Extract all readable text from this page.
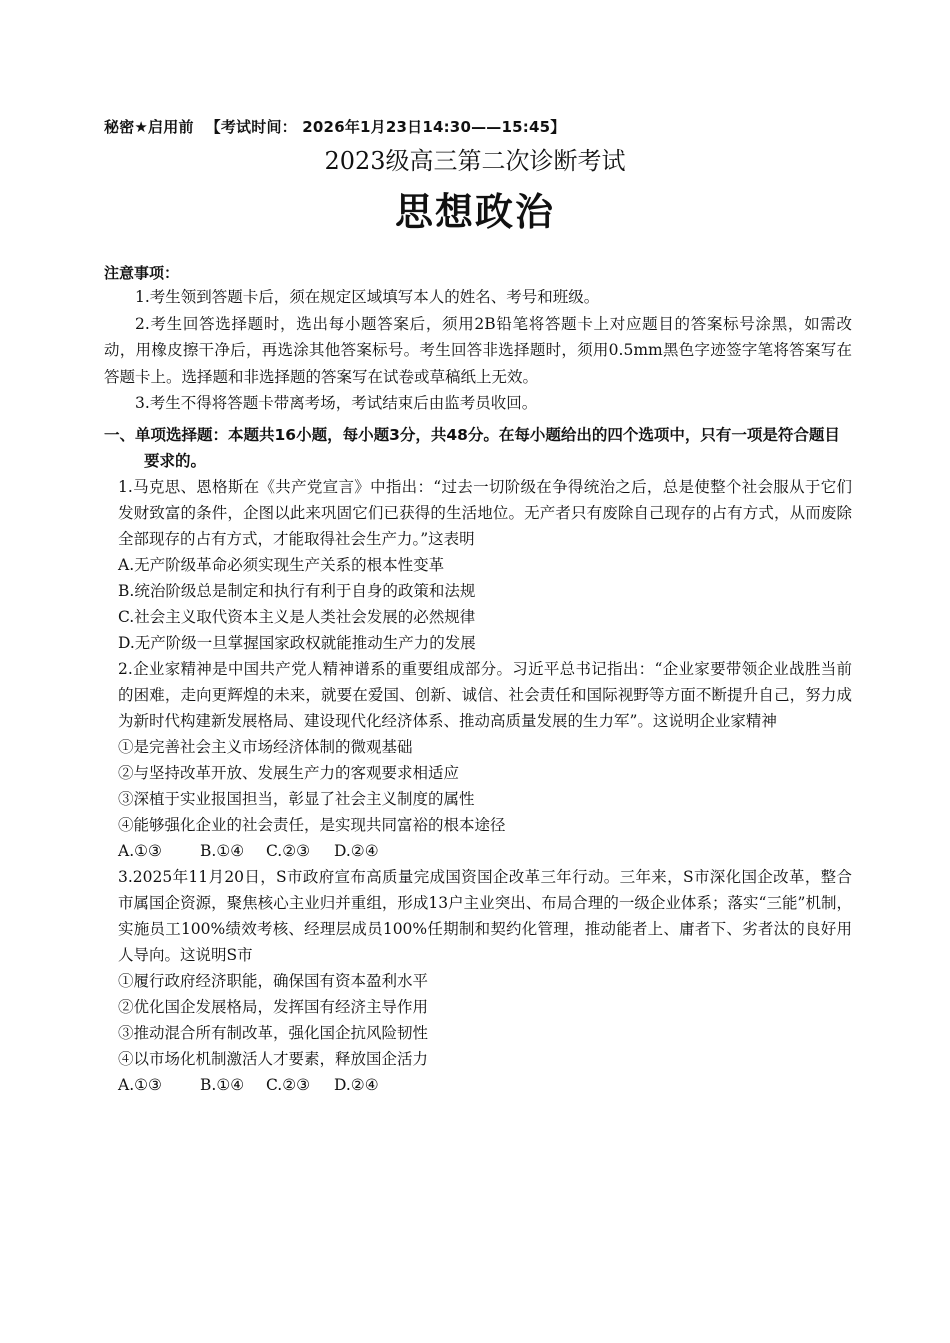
秘密★启用前 【考试时间： 2026年1月23日14:30——15:45】
2023级高三第二次诊断考试
思想政治
注意事项：

1.考生领到答题卡后，须在规定区域填写本人的姓名、考号和班级。

2.考生回答选择题时，选出每小题答案后，须用2B铅笔将答题卡上对应题目的答案标号涂黑，如需改动，用橡皮擦干净后，再选涂其他答案标号。考生回答非选择题时，须用0.5mm黑色字迹签字笔将答案写在答题卡上。选择题和非选择题的答案写在试卷或草稿纸上无效。

3.考生不得将答题卡带离考场，考试结束后由监考员收回。

一、单项选择题：本题共16小题，每小题3分，共48分。在每小题给出的四个选项中，只有一项是符合题目要求的。

1.马克思、恩格斯在《共产党宣言》中指出：“过去一切阶级在争得统治之后，总是使整个社会服从于它们发财致富的条件，企图以此来巩固它们已获得的生活地位。无产者只有废除自己现存的占有方式，从而废除全部现存的占有方式，才能取得社会生产力。”这表明

A.无产阶级革命必须实现生产关系的根本性变革

B.统治阶级总是制定和执行有利于自身的政策和法规

C.社会主义取代资本主义是人类社会发展的必然规律

D.无产阶级一旦掌握国家政权就能推动生产力的发展

2.企业家精神是中国共产党人精神谱系的重要组成部分。习近平总书记指出：“企业家要带领企业战胜当前的困难，走向更辉煌的未来，就要在爱国、创新、诚信、社会责任和国际视野等方面不断提升自己，努力成为新时代构建新发展格局、建设现代化经济体系、推动高质量发展的生力军”。这说明企业家精神

①是完善社会主义市场经济体制的微观基础

②与坚持改革开放、发展生产力的客观要求相适应

③深植于实业报国担当，彰显了社会主义制度的属性

④能够强化企业的社会责任，是实现共同富裕的根本途径

A.①③ B.①④ C.②③ D.②④

3.2025年11月20日，S市政府宣布高质量完成国资国企改革三年行动。三年来，S市深化国企改革，整合市属国企资源，聚焦核心主业归并重组，形成13户主业突出、布局合理的一级企业体系；落实“三能”机制，实施员工100%绩效考核、经理层成员100%任期制和契约化管理，推动能者上、庸者下、劣者汰的良好用人导向。这说明S市

①履行政府经济职能，确保国有资本盈利水平

②优化国企发展格局，发挥国有经济主导作用

③推动混合所有制改革，强化国企抗风险韧性

④以市场化机制激活人才要素，释放国企活力

A.①③ B.①④ C.②③ D.②④
